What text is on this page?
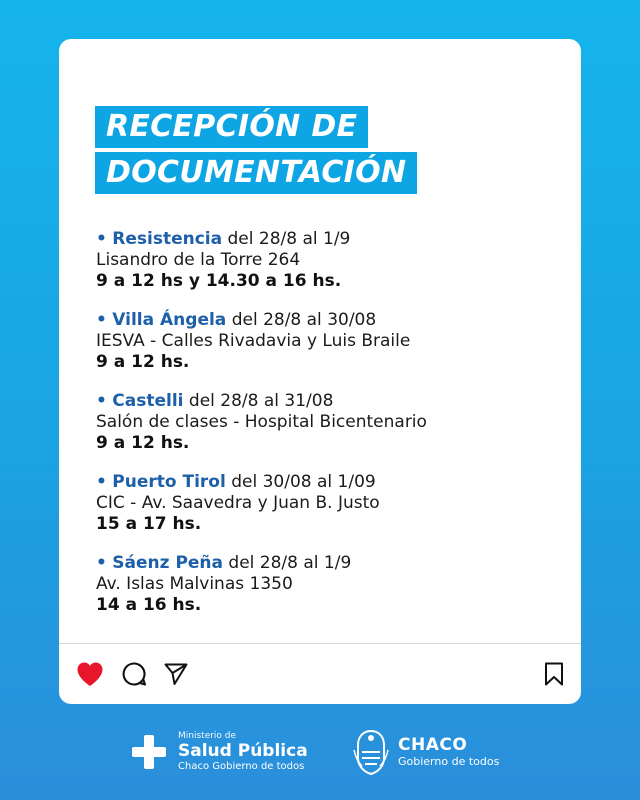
RECEPCIÓN DE
DOCUMENTACIÓN
• Resistencia del 28/8 al 1/9
Lisandro de la Torre 264
9 a 12 hs y 14.30 a 16 hs.
• Villa Ángela del 28/8 al 30/08
IESVA - Calles Rivadavia y Luis Braile
9 a 12 hs.
• Castelli del 28/8 al 31/08
Salón de clases - Hospital Bicentenario
9 a 12 hs.
• Puerto Tirol del 30/08 al 1/09
CIC - Av. Saavedra y Juan B. Justo
15 a 17 hs.
• Sáenz Peña del 28/8 al 1/9
Av. Islas Malvinas 1350
14 a 16 hs.
Ministerio de
Salud Pública
Chaco Gobierno de todos
CHACO
Gobierno de todos
